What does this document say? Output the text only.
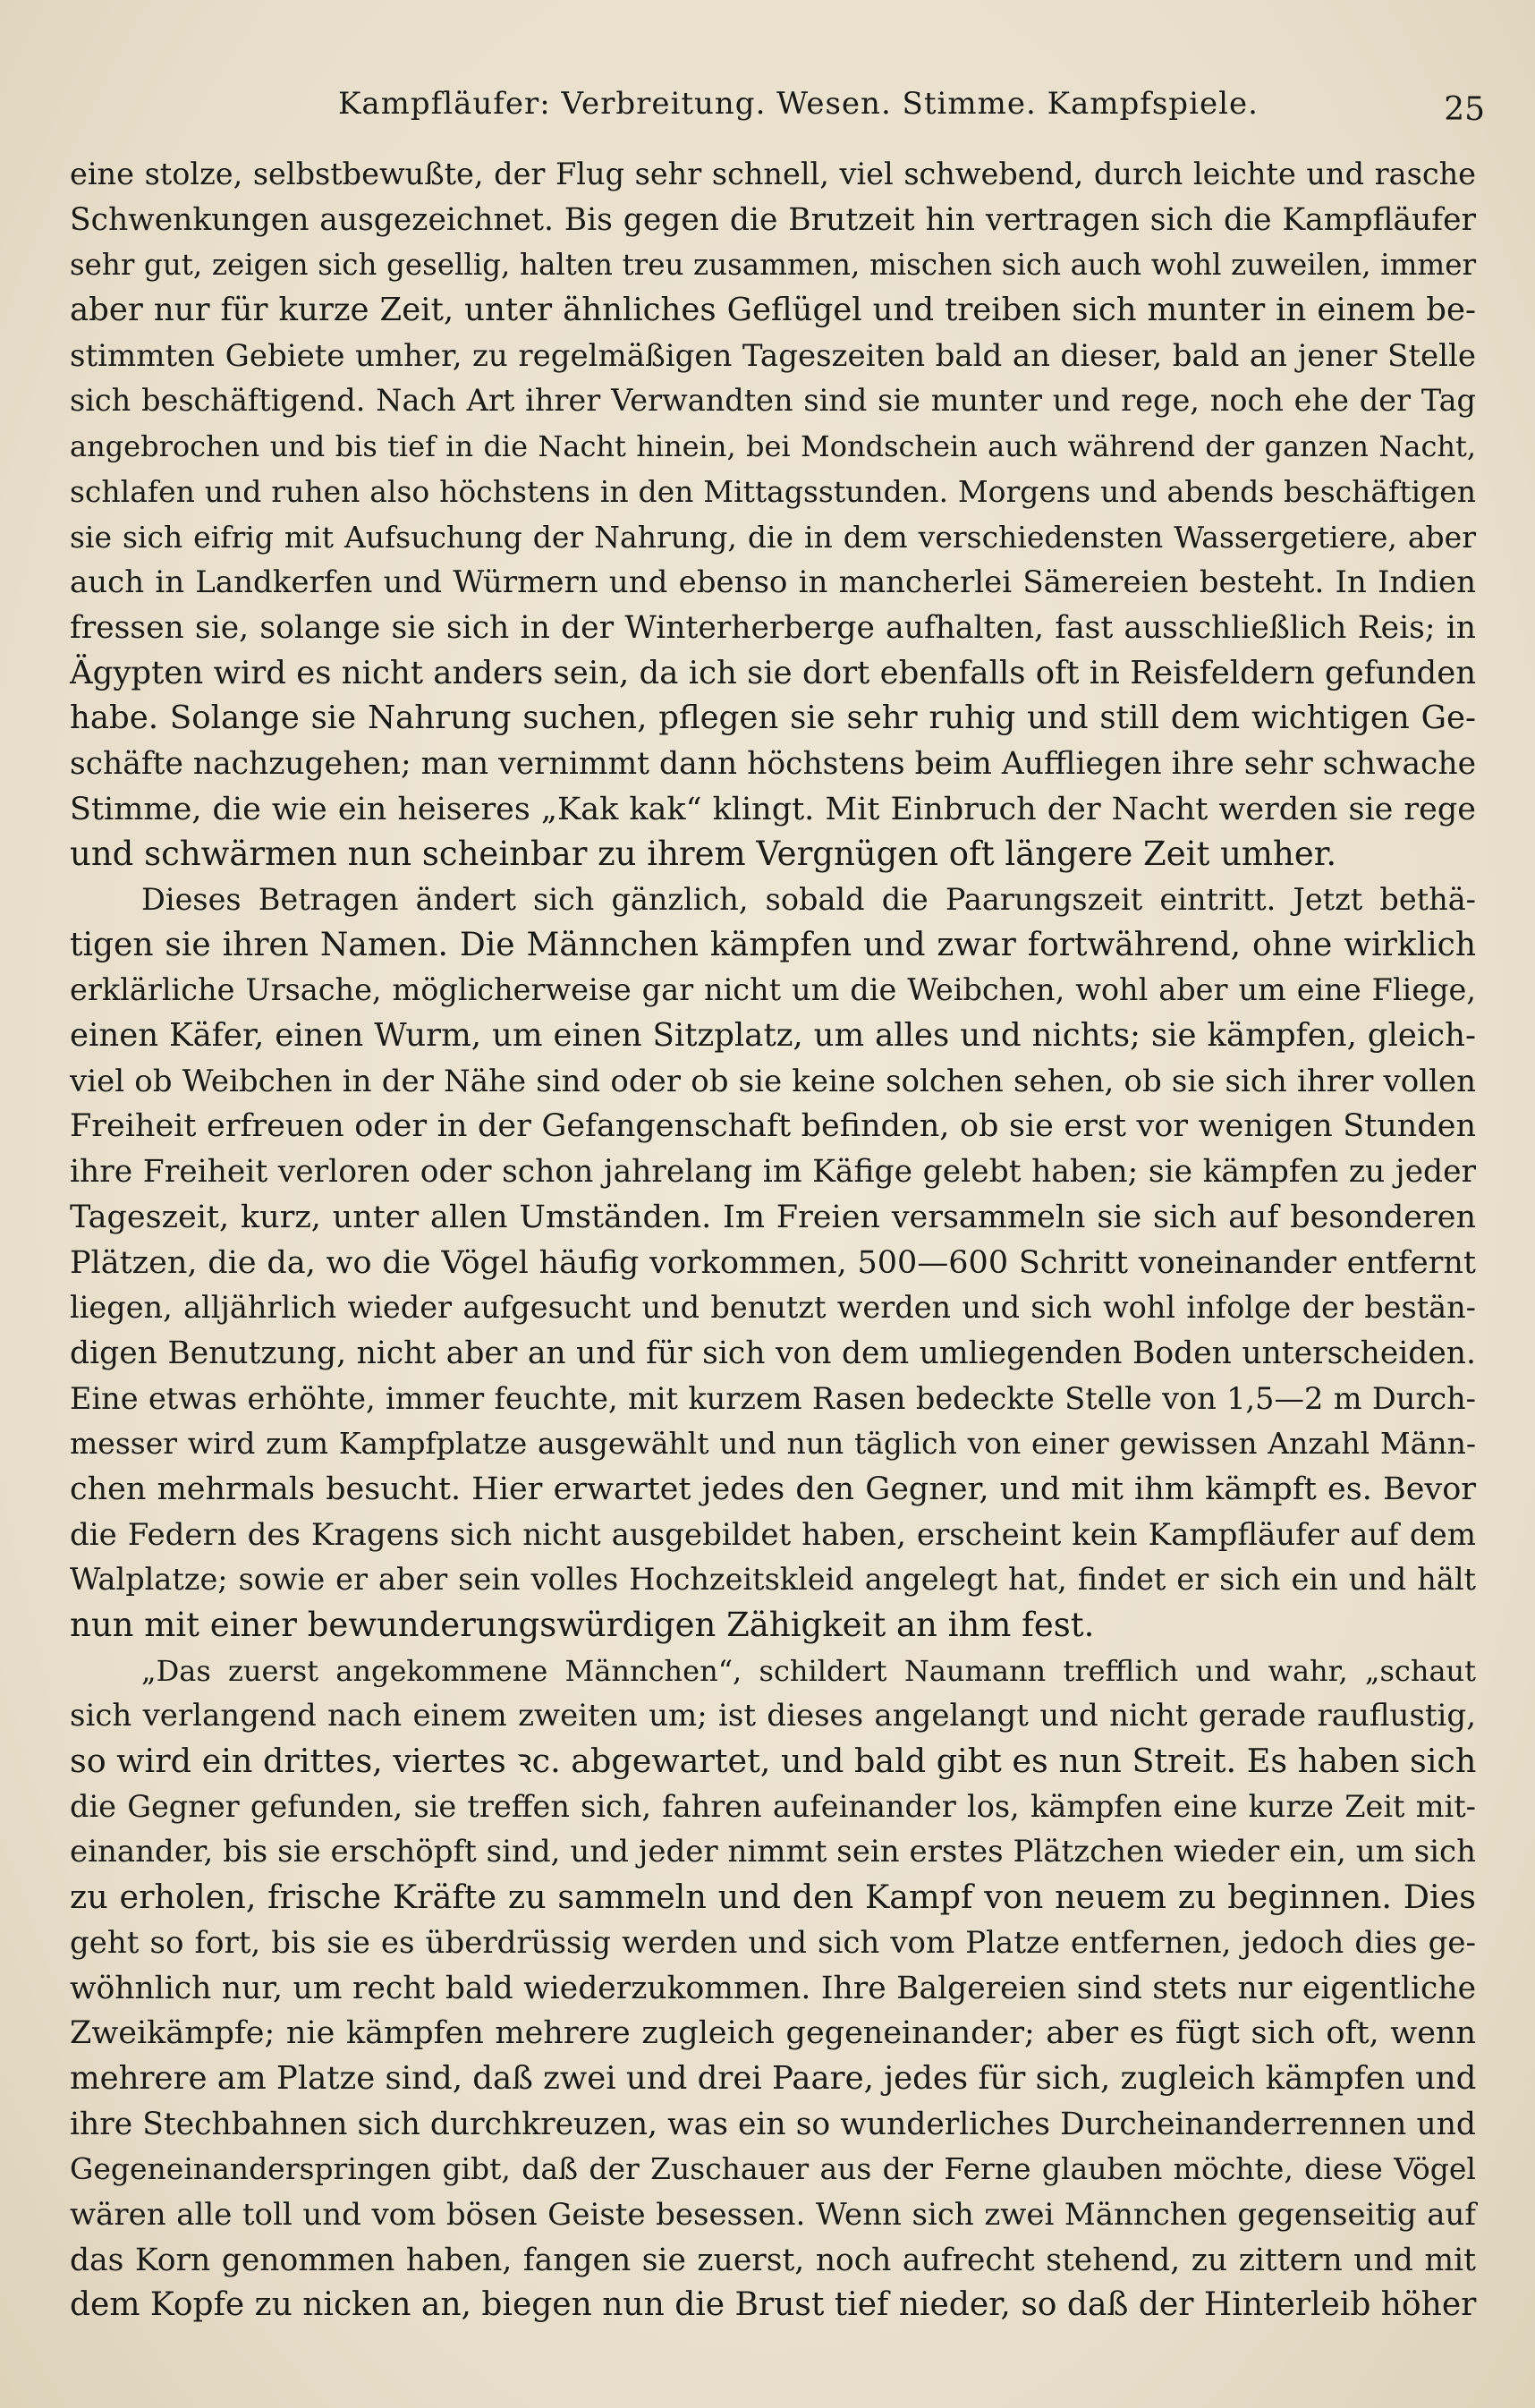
Kampfläufer: Verbreitung. Wesen. Stimme. Kampfspiele.	25
eine stolze, selbstbewußte, der Flug sehr schnell, viel schwebend, durch leichte und rasche
Schwenkungen ausgezeichnet. Bis gegen die Brutzeit hin vertragen sich die Kampfläufer
sehr gut, zeigen sich gesellig, halten treu zusammen, mischen sich auch wohl zuweilen, immer
aber nur für kurze Zeit, unter ähnliches Geflügel und treiben sich munter in einem be-
stimmten Gebiete umher, zu regelmäßigen Tageszeiten bald an dieser, bald an jener Stelle
sich beschäftigend. Nach Art ihrer Verwandten sind sie munter und rege, noch ehe der Tag
angebrochen und bis tief in die Nacht hinein, bei Mondschein auch während der ganzen Nacht,
schlafen und ruhen also höchstens in den Mittagsstunden. Morgens und abends beschäftigen
sie sich eifrig mit Aufsuchung der Nahrung, die in dem verschiedensten Wassergetiere, aber
auch in Landkerfen und Würmern und ebenso in mancherlei Sämereien besteht. In Indien
fressen sie, solange sie sich in der Winterherberge aufhalten, fast ausschließlich Reis; in
Ägypten wird es nicht anders sein, da ich sie dort ebenfalls oft in Reisfeldern gefunden
habe. Solange sie Nahrung suchen, pflegen sie sehr ruhig und still dem wichtigen Ge-
schäfte nachzugehen; man vernimmt dann höchstens beim Auffliegen ihre sehr schwache
Stimme, die wie ein heiseres „Kak kak“ klingt. Mit Einbruch der Nacht werden sie rege
und schwärmen nun scheinbar zu ihrem Vergnügen oft längere Zeit umher.
Dieses Betragen ändert sich gänzlich, sobald die Paarungszeit eintritt. Jetzt bethä-
tigen sie ihren Namen. Die Männchen kämpfen und zwar fortwährend, ohne wirklich
erklärliche Ursache, möglicherweise gar nicht um die Weibchen, wohl aber um eine Fliege,
einen Käfer, einen Wurm, um einen Sitzplatz, um alles und nichts; sie kämpfen, gleich-
viel ob Weibchen in der Nähe sind oder ob sie keine solchen sehen, ob sie sich ihrer vollen
Freiheit erfreuen oder in der Gefangenschaft befinden, ob sie erst vor wenigen Stunden
ihre Freiheit verloren oder schon jahrelang im Käfige gelebt haben; sie kämpfen zu jeder
Tageszeit, kurz, unter allen Umständen. Im Freien versammeln sie sich auf besonderen
Plätzen, die da, wo die Vögel häufig vorkommen, 500—600 Schritt voneinander entfernt
liegen, alljährlich wieder aufgesucht und benutzt werden und sich wohl infolge der bestän-
digen Benutzung, nicht aber an und für sich von dem umliegenden Boden unterscheiden.
Eine etwas erhöhte, immer feuchte, mit kurzem Rasen bedeckte Stelle von 1,5—2 m Durch-
messer wird zum Kampfplatze ausgewählt und nun täglich von einer gewissen Anzahl Männ-
chen mehrmals besucht. Hier erwartet jedes den Gegner, und mit ihm kämpft es. Bevor
die Federn des Kragens sich nicht ausgebildet haben, erscheint kein Kampfläufer auf dem
Walplatze; sowie er aber sein volles Hochzeitskleid angelegt hat, findet er sich ein und hält
nun mit einer bewunderungswürdigen Zähigkeit an ihm fest.
„Das zuerst angekommene Männchen“, schildert Naumann trefflich und wahr, „schaut
sich verlangend nach einem zweiten um; ist dieses angelangt und nicht gerade rauflustig,
so wird ein drittes, viertes ꝛc. abgewartet, und bald gibt es nun Streit. Es haben sich
die Gegner gefunden, sie treffen sich, fahren aufeinander los, kämpfen eine kurze Zeit mit-
einander, bis sie erschöpft sind, und jeder nimmt sein erstes Plätzchen wieder ein, um sich
zu erholen, frische Kräfte zu sammeln und den Kampf von neuem zu beginnen. Dies
geht so fort, bis sie es überdrüssig werden und sich vom Platze entfernen, jedoch dies ge-
wöhnlich nur, um recht bald wiederzukommen. Ihre Balgereien sind stets nur eigentliche
Zweikämpfe; nie kämpfen mehrere zugleich gegeneinander; aber es fügt sich oft, wenn
mehrere am Platze sind, daß zwei und drei Paare, jedes für sich, zugleich kämpfen und
ihre Stechbahnen sich durchkreuzen, was ein so wunderliches Durcheinanderrennen und
Gegeneinanderspringen gibt, daß der Zuschauer aus der Ferne glauben möchte, diese Vögel
wären alle toll und vom bösen Geiste besessen. Wenn sich zwei Männchen gegenseitig auf
das Korn genommen haben, fangen sie zuerst, noch aufrecht stehend, zu zittern und mit
dem Kopfe zu nicken an, biegen nun die Brust tief nieder, so daß der Hinterleib höher
